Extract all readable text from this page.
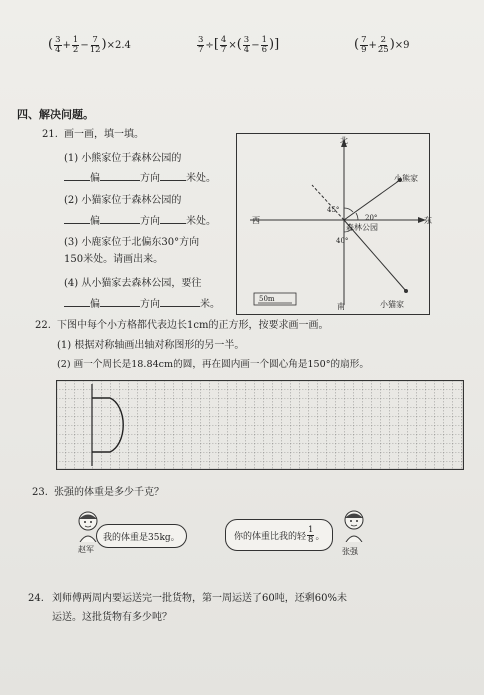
( $\frac{3}{4} + \frac{1}{2} - \frac{7}{12} )\times 2.4$	$\frac{3}{7}$ ÷[ $\frac{4}{7}$ ×( $\frac{3}{4} - \frac{1}{6}$ )]	( $\frac{7}{9} + \frac{2}{25} )\times 9$
四、解决问题。
21. 画一画，填一填。
(1) 小熊家位于森林公园的
偏	方向	米处。
(2) 小猫家位于森林公园的
偏	方向	米处。
(3) 小鹿家位于北偏东30°方向
150米处。请画出来。
(4) 从小猫家去森林公园，要往
偏	方向	米。
北
南
西	东
小熊家
小猫家
森林公园
45°
20°
40°
50m
22. 下图中每个小方格都代表边长1cm的正方形，按要求画一画。
(1) 根据对称轴画出轴对称图形的另一半。
(2) 画一个周长是18.84cm的圆，再在圆内画一个圆心角是150°的扇形。
23. 张强的体重是多少千克？
赵军
我的体重是35kg。	你的体重比我的轻 $\frac{1}{8}$ 。
张强
24. 刘师傅两周内要运送完一批货物，第一周运送了60吨，还剩60%未
运送。这批货物有多少吨？
